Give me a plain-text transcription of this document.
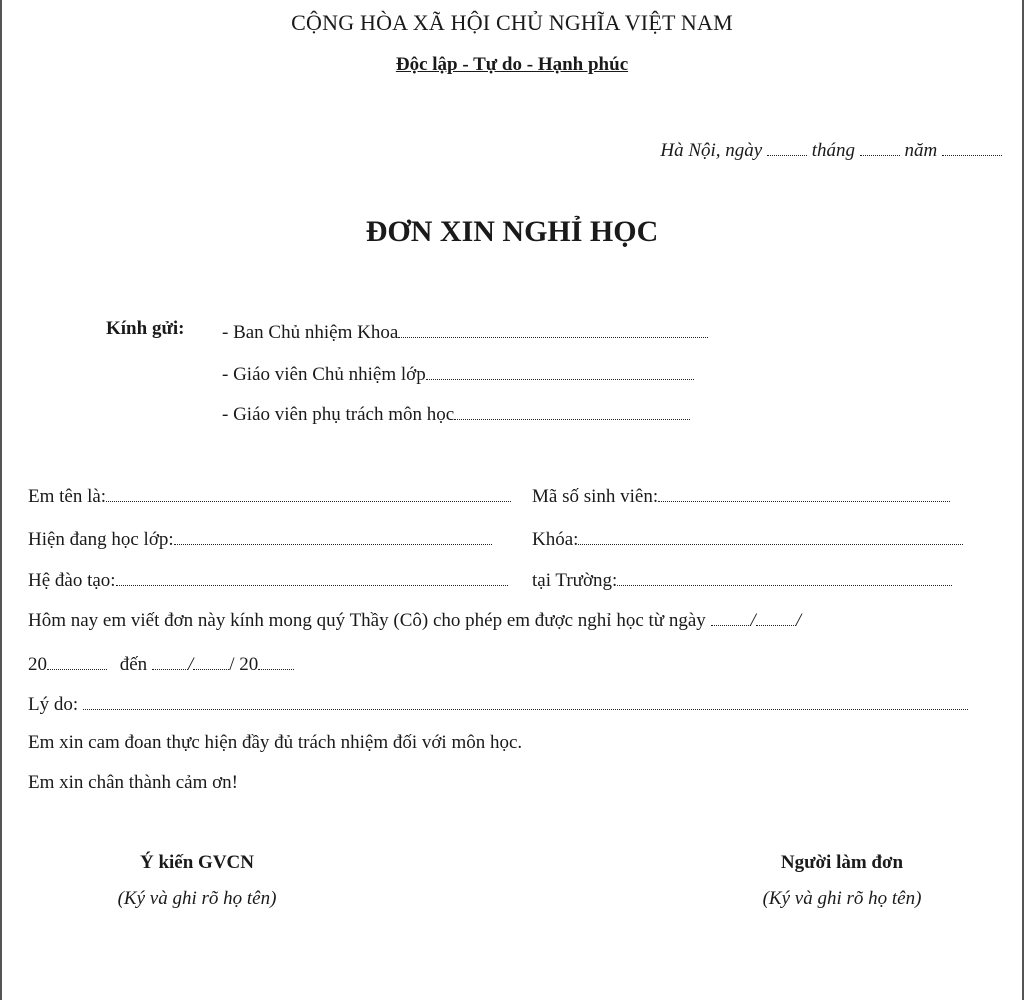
CỘNG HÒA XÃ HỘI CHỦ NGHĨA VIỆT NAM
Độc lập - Tự do - Hạnh phúc
Hà Nội, ngày	tháng	năm
ĐƠN XIN NGHỈ HỌC
Kính gửi: - Ban Chủ nhiệm Khoa
- Giáo viên Chủ nhiệm lớp
- Giáo viên phụ trách môn học
Em tên là:	Mã số sinh viên:
Hiện đang học lớp:	Khóa:
Hệ đào tạo:	tại Trường:
Hôm nay em viết đơn này kính mong quý Thầy (Cô) cho phép em được nghỉ học từ ngày / /
20	đến / / 20
Lý do:
Em xin cam đoan thực hiện đầy đủ trách nhiệm đối với môn học.
Em xin chân thành cảm ơn!
Ý kiến GVCN
(Ký và ghi rõ họ tên)
Người làm đơn
(Ký và ghi rõ họ tên)
